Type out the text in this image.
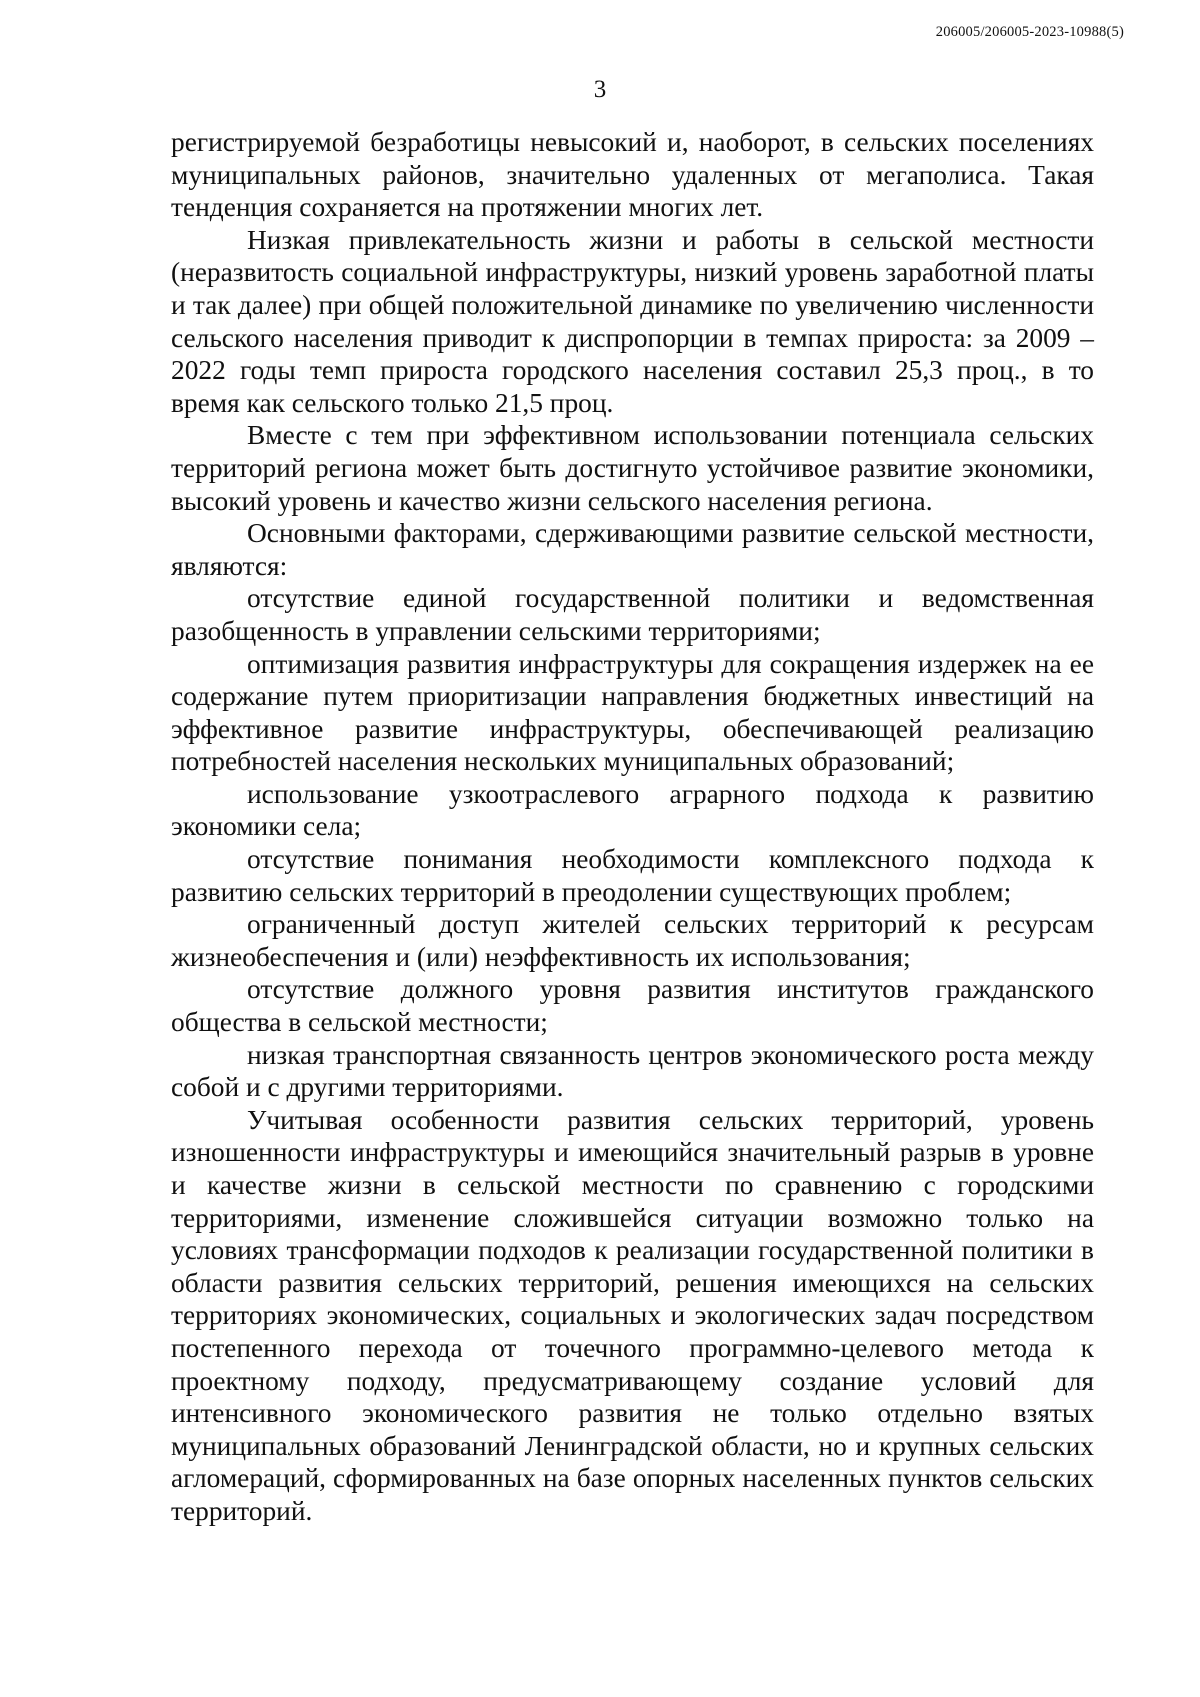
206005/206005-2023-10988(5)
3

регистрируемой безработицы невысокий и, наоборот, в сельских поселениях муниципальных районов, значительно удаленных от мегаполиса. Такая тенденция сохраняется на протяжении многих лет.

Низкая привлекательность жизни и работы в сельской местности (неразвитость социальной инфраструктуры, низкий уровень заработной платы и так далее) при общей положительной динамике по увеличению численности сельского населения приводит к диспропорции в темпах прироста: за 2009 – 2022 годы темп прироста городского населения составил 25,3 проц., в то время как сельского только 21,5 проц.

Вместе с тем при эффективном использовании потенциала сельских территорий региона может быть достигнуто устойчивое развитие экономики, высокий уровень и качество жизни сельского населения региона.

Основными факторами, сдерживающими развитие сельской местности, являются:

отсутствие единой государственной политики и ведомственная разобщенность в управлении сельскими территориями;

оптимизация развития инфраструктуры для сокращения издержек на ее содержание путем приоритизации направления бюджетных инвестиций на эффективное развитие инфраструктуры, обеспечивающей реализацию потребностей населения нескольких муниципальных образований;

использование узкоотраслевого аграрного подхода к развитию экономики села;

отсутствие понимания необходимости комплексного подхода к развитию сельских территорий в преодолении существующих проблем;

ограниченный доступ жителей сельских территорий к ресурсам жизнеобеспечения и (или) неэффективность их использования;

отсутствие должного уровня развития институтов гражданского общества в сельской местности;

низкая транспортная связанность центров экономического роста между собой и с другими территориями.

Учитывая особенности развития сельских территорий, уровень изношенности инфраструктуры и имеющийся значительный разрыв в уровне и качестве жизни в сельской местности по сравнению с городскими территориями, изменение сложившейся ситуации возможно только на условиях трансформации подходов к реализации государственной политики в области развития сельских территорий, решения имеющихся на сельских территориях экономических, социальных и экологических задач посредством постепенного перехода от точечного программно-целевого метода к проектному подходу, предусматривающему создание условий для интенсивного экономического развития не только отдельно взятых муниципальных образований Ленинградской области, но и крупных сельских агломераций, сформированных на базе опорных населенных пунктов сельских территорий.
